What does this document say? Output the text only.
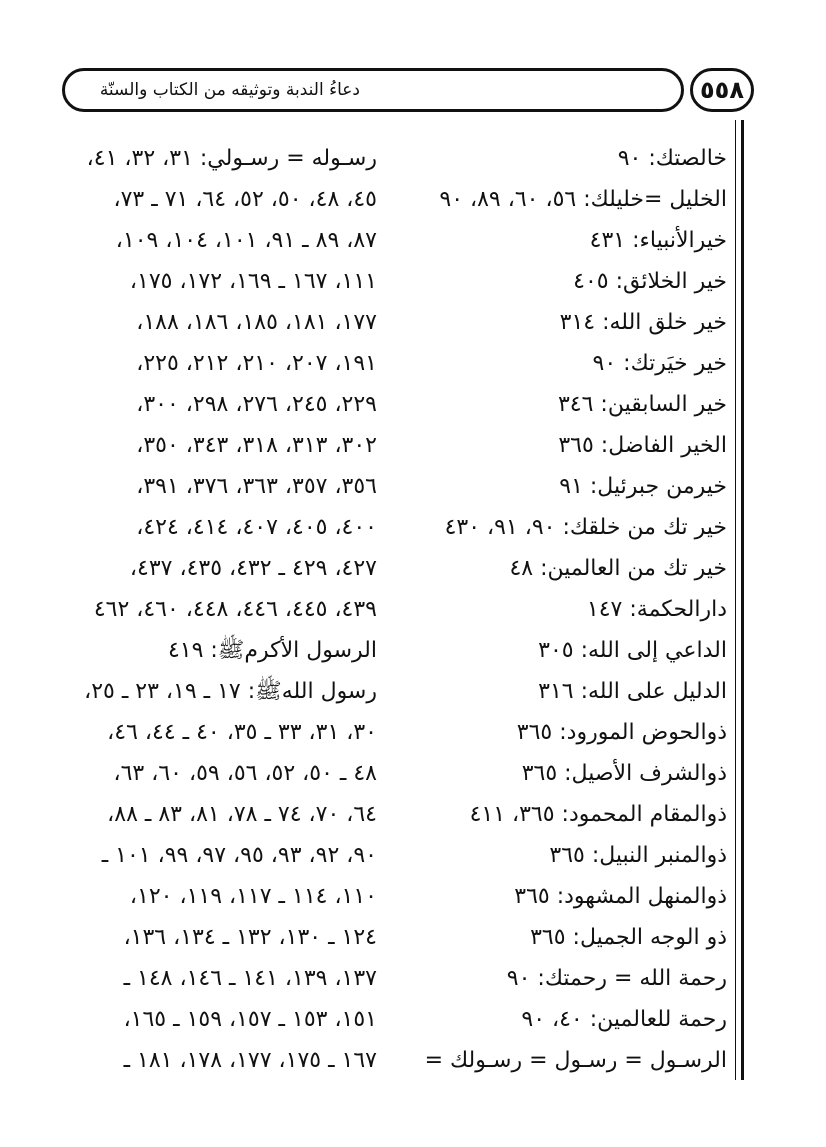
دعاءُ الندبة وتوثيقه من الكتاب والسنّة	٥٥٨
خالصتك: ٩٠
الخليل =خليلك: ٥٦، ٦٠، ٨٩، ٩٠
خيرالأنبياء: ٤٣١
خير الخلائق: ٤٠٥
خير خلق الله: ٣١٤
خير خيَرتك: ٩٠
خير السابقين: ٣٤٦
الخير الفاضل: ٣٦٥
خيرمن جبرئيل: ٩١
خير تك من خلقك: ٩٠، ٩١، ٤٣٠
خير تك من العالمين: ٤٨
دارالحكمة: ١٤٧
الداعي إلى الله: ٣٠٥
الدليل على الله: ٣١٦
ذوالحوض المورود: ٣٦٥
ذوالشرف الأصيل: ٣٦٥
ذوالمقام المحمود: ٣٦٥، ٤١١
ذوالمنبر النبيل: ٣٦٥
ذوالمنهل المشهود: ٣٦٥
ذو الوجه الجميل: ٣٦٥
رحمة الله = رحمتك: ٩٠
رحمة للعالمين: ٤٠، ٩٠
الرسـول = رسـول = رسـولك =
رسـوله = رسـولي: ٣١، ٣٢، ٤١،
٤٥، ٤٨، ٥٠، ٥٢، ٦٤، ٧١ ـ ٧٣،
٨٧، ٨٩ ـ ٩١، ١٠١، ١٠٤، ١٠٩،
١١١، ١٦٧ ـ ١٦٩، ١٧٢، ١٧٥،
١٧٧، ١٨١، ١٨٥، ١٨٦، ١٨٨،
١٩١، ٢٠٧، ٢١٠، ٢١٢، ٢٢٥،
٢٢٩، ٢٤٥، ٢٧٦، ٢٩٨، ٣٠٠،
٣٠٢، ٣١٣، ٣١٨، ٣٤٣، ٣٥٠،
٣٥٦، ٣٥٧، ٣٦٣، ٣٧٦، ٣٩١،
٤٠٠، ٤٠٥، ٤٠٧، ٤١٤، ٤٢٤،
٤٢٧، ٤٢٩ ـ ٤٣٢، ٤٣٥، ٤٣٧،
٤٣٩، ٤٤٥، ٤٤٦، ٤٤٨، ٤٦٠، ٤٦٢
الرسول الأكرمﷺ: ٤١٩
رسول اللهﷺ: ١٧ ـ ١٩، ٢٣ ـ ٢٥،
٣٠، ٣١، ٣٣ ـ ٣٥، ٤٠ ـ ٤٤، ٤٦،
٤٨ ـ ٥٠، ٥٢، ٥٦، ٥٩، ٦٠، ٦٣،
٦٤، ٧٠، ٧٤ ـ ٧٨، ٨١، ٨٣ ـ ٨٨،
٩٠، ٩٢، ٩٣، ٩٥، ٩٧، ٩٩، ١٠١ ـ
١١٠، ١١٤ ـ ١١٧، ١١٩، ١٢٠،
١٢٤ ـ ١٣٠، ١٣٢ ـ ١٣٤، ١٣٦،
١٣٧، ١٣٩، ١٤١ ـ ١٤٦، ١٤٨ ـ
١٥١، ١٥٣ ـ ١٥٧، ١٥٩ ـ ١٦٥،
١٦٧ ـ ١٧٥، ١٧٧، ١٧٨، ١٨١ ـ
